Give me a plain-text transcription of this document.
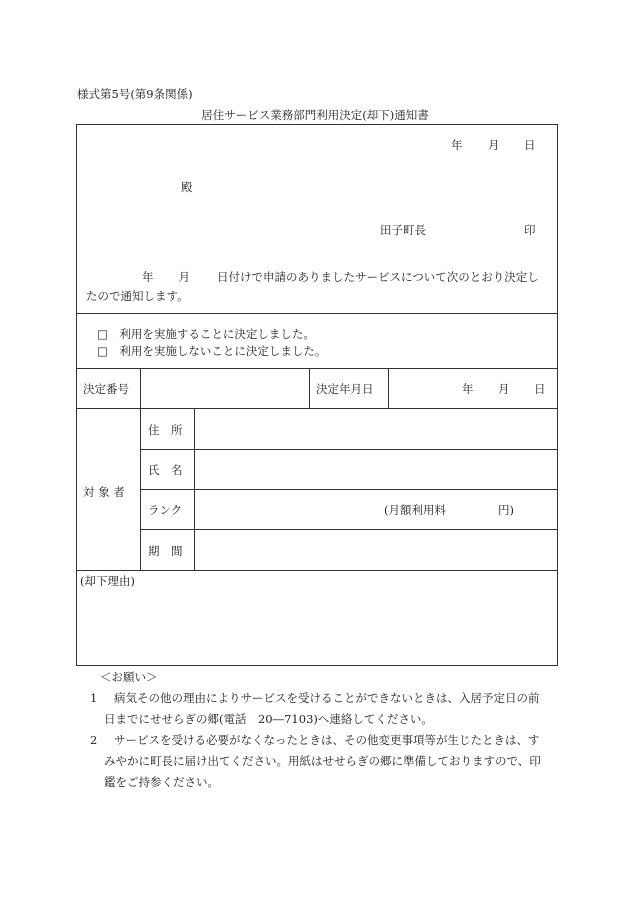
様式第5号(第9条関係)
居住サービス業務部門利用決定(却下)通知書
年 月 日
殿
田子町長	印
年 月 日付けで申請のありましたサービスについて次のとおり決定したので通知します。
□　 利用を実施することに決定しました。
□　 利用を実施しないことに決定しました。
決定番号	決定年月日	年 月 日
対 象 者
住　所
氏　名
ランク	(月額利用料	円)
期　間
(却下理由)
＜お願い＞
1 病気その他の理由によりサービスを受けることができないときは、入居予定日の前
日までにせせらぎの郷(電話　20―7103)へ連絡してください。
2 サービスを受ける必要がなくなったときは、その他変更事項等が生じたときは、す
みやかに町長に届け出てください。用紙はせせらぎの郷に準備しておりますので、印鑑をご持参ください。
